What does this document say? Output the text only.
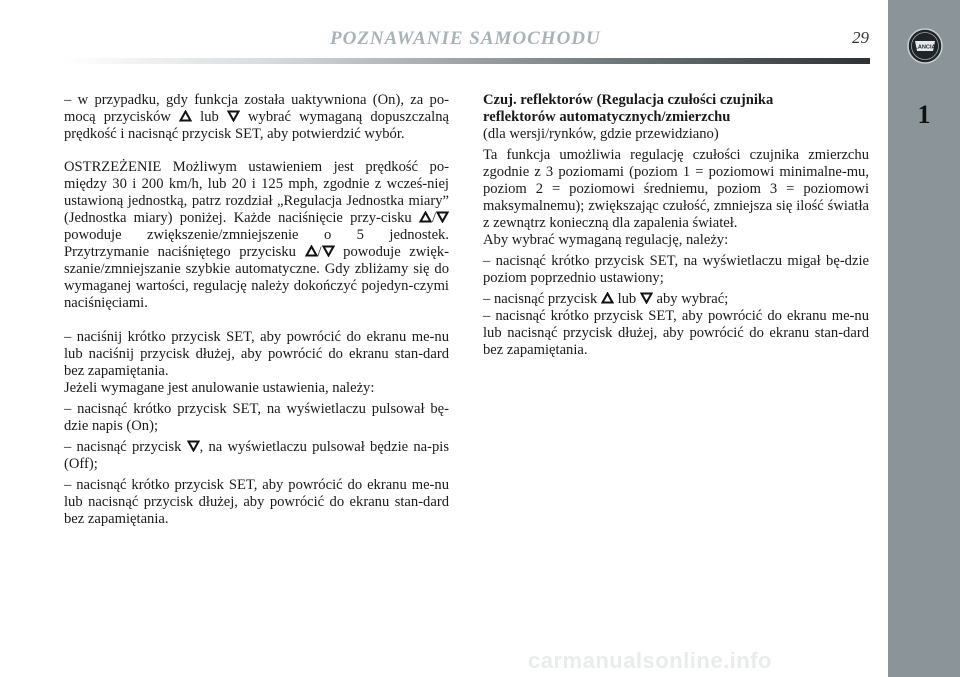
POZNAWANIE SAMOCHODU	29
LANCIA
1

– w przypadku, gdy funkcja została uaktywniona (On), za po-mocą przycisków  lub  wybrać wymaganą dopuszczalną prędkość i nacisnąć przycisk SET, aby potwierdzić wybór.

OSTRZEŻENIE Możliwym ustawieniem jest prędkość po-między 30 i 200 km/h, lub 20 i 125 mph, zgodnie z wcześ-niej ustawioną jednostką, patrz rozdział „Regulacja Jednostka miary” (Jednostka miary) poniżej. Każde naciśnięcie przy-cisku / powoduje zwiększenie/zmniejszenie o 5 jednostek. Przytrzymanie naciśniętego przycisku / powoduje zwięk-szanie/zmniejszanie szybkie automatyczne. Gdy zbliżamy się do wymaganej wartości, regulację należy dokończyć pojedyn-czymi naciśnięciami.

– naciśnij krótko przycisk SET, aby powrócić do ekranu me-nu lub naciśnij przycisk dłużej, aby powrócić do ekranu stan-dard bez zapamiętania.

Jeżeli wymagane jest anulowanie ustawienia, należy:

– nacisnąć krótko przycisk SET, na wyświetlaczu pulsował bę-dzie napis (On);

– nacisnąć przycisk , na wyświetlaczu pulsował będzie na-pis (Off);

– nacisnąć krótko przycisk SET, aby powrócić do ekranu me-nu lub nacisnąć przycisk dłużej, aby powrócić do ekranu stan-dard bez zapamiętania.

Czuj. reflektorów (Regulacja czułości czujnika
reflektorów automatycznych/zmierzchu

(dla wersji/rynków, gdzie przewidziano)

Ta funkcja umożliwia regulację czułości czujnika zmierzchu zgodnie z 3 poziomami (poziom 1 = poziomowi minimalne-mu, poziom 2 = poziomowi średniemu, poziom 3 = poziomowi maksymalnemu); zwiększając czułość, zmniejsza się ilość światła z zewnątrz konieczną dla zapalenia świateł.

Aby wybrać wymaganą regulację, należy:

– nacisnąć krótko przycisk SET, na wyświetlaczu migał bę-dzie poziom poprzednio ustawiony;

– nacisnąć przycisk  lub  aby wybrać;

– nacisnąć krótko przycisk SET, aby powrócić do ekranu me-nu lub nacisnąć przycisk dłużej, aby powrócić do ekranu stan-dard bez zapamiętania.

carmanualsonline.info
